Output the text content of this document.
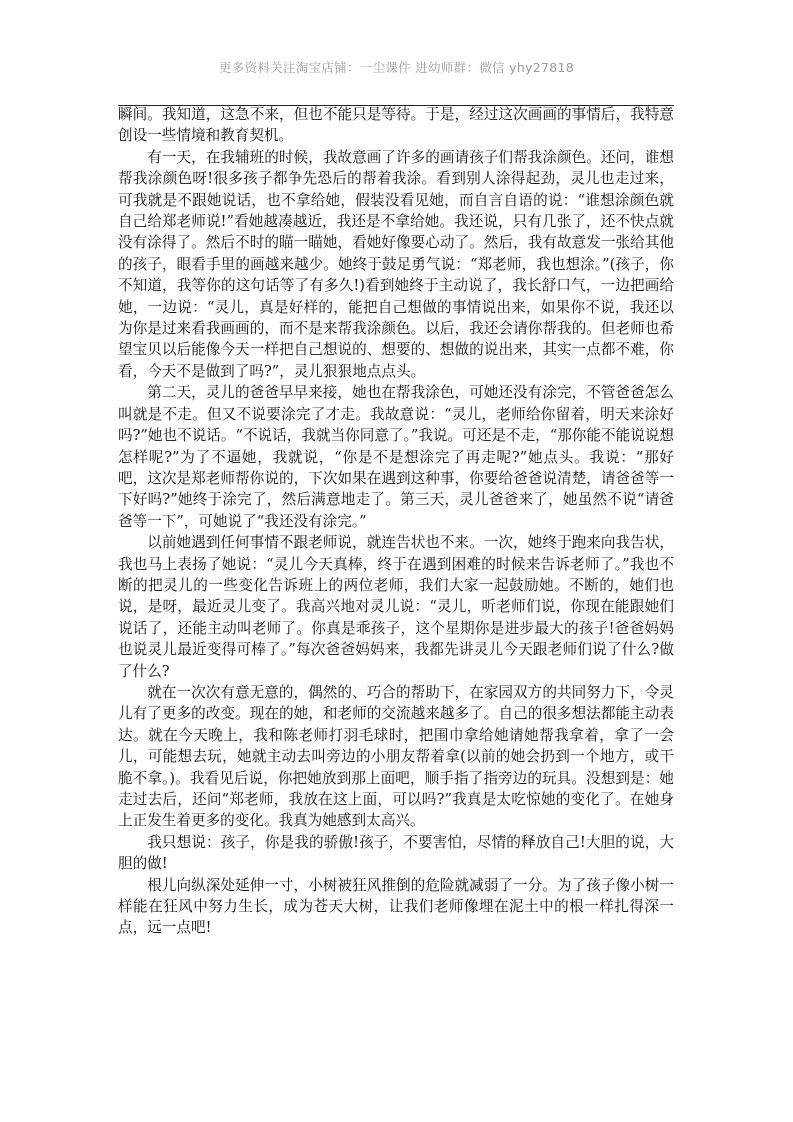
更多资料关注淘宝店铺：一尘课件 进幼师群：微信 yhy27818

瞬间。我知道，这急不来，但也不能只是等待。于是，经过这次画画的事情后，我特意创设一些情境和教育契机。

有一天，在我辅班的时候，我故意画了许多的画请孩子们帮我涂颜色。还问，谁想帮我涂颜色呀!很多孩子都争先恐后的帮着我涂。看到别人涂得起劲，灵儿也走过来，可我就是不跟她说话，也不拿给她，假装没看见她，而自言自语的说：“谁想涂颜色就自己给郑老师说!”看她越凑越近，我还是不拿给她。我还说，只有几张了，还不快点就没有涂得了。然后不时的瞄一瞄她，看她好像要心动了。然后，我有故意发一张给其他的孩子，眼看手里的画越来越少。她终于鼓足勇气说：“郑老师，我也想涂。”(孩子，你不知道，我等你的这句话等了有多久!)看到她终于主动说了，我长舒口气，一边把画给她，一边说：“灵儿，真是好样的，能把自己想做的事情说出来，如果你不说，我还以为你是过来看我画画的，而不是来帮我涂颜色。以后，我还会请你帮我的。但老师也希望宝贝以后能像今天一样把自己想说的、想要的、想做的说出来，其实一点都不难，你看，今天不是做到了吗?”，灵儿狠狠地点点头。

第二天，灵儿的爸爸早早来接，她也在帮我涂色，可她还没有涂完，不管爸爸怎么叫就是不走。但又不说要涂完了才走。我故意说：“灵儿，老师给你留着，明天来涂好吗?”她也不说话。“不说话，我就当你同意了。”我说。可还是不走，“那你能不能说说想怎样呢?”为了不逼她，我就说，“你是不是想涂完了再走呢?”她点头。我说：“那好吧，这次是郑老师帮你说的，下次如果在遇到这种事，你要给爸爸说清楚，请爸爸等一下好吗?”她终于涂完了，然后满意地走了。第三天，灵儿爸爸来了，她虽然不说“请爸爸等一下”，可她说了“我还没有涂完。”

以前她遇到任何事情不跟老师说，就连告状也不来。一次，她终于跑来向我告状，我也马上表扬了她说：“灵儿今天真棒，终于在遇到困难的时候来告诉老师了。”我也不断的把灵儿的一些变化告诉班上的两位老师，我们大家一起鼓励她。不断的，她们也说，是呀，最近灵儿变了。我高兴地对灵儿说：“灵儿，听老师们说，你现在能跟她们说话了，还能主动叫老师了。你真是乖孩子，这个星期你是进步最大的孩子!爸爸妈妈也说灵儿最近变得可棒了。”每次爸爸妈妈来，我都先讲灵儿今天跟老师们说了什么?做了什么?

就在一次次有意无意的，偶然的、巧合的帮助下，在家园双方的共同努力下，令灵儿有了更多的改变。现在的她，和老师的交流越来越多了。自己的很多想法都能主动表达。就在今天晚上，我和陈老师打羽毛球时，把围巾拿给她请她帮我拿着，拿了一会儿，可能想去玩，她就主动去叫旁边的小朋友帮着拿(以前的她会扔到一个地方，或干脆不拿。)。我看见后说，你把她放到那上面吧，顺手指了指旁边的玩具。没想到是：她走过去后，还问“郑老师，我放在这上面，可以吗?”我真是太吃惊她的变化了。在她身上正发生着更多的变化。我真为她感到太高兴。

我只想说：孩子，你是我的骄傲!孩子，不要害怕，尽情的释放自己!大胆的说，大胆的做!

根儿向纵深处延伸一寸，小树被狂风推倒的危险就减弱了一分。为了孩子像小树一样能在狂风中努力生长，成为苍天大树，让我们老师像埋在泥土中的根一样扎得深一点，远一点吧!
